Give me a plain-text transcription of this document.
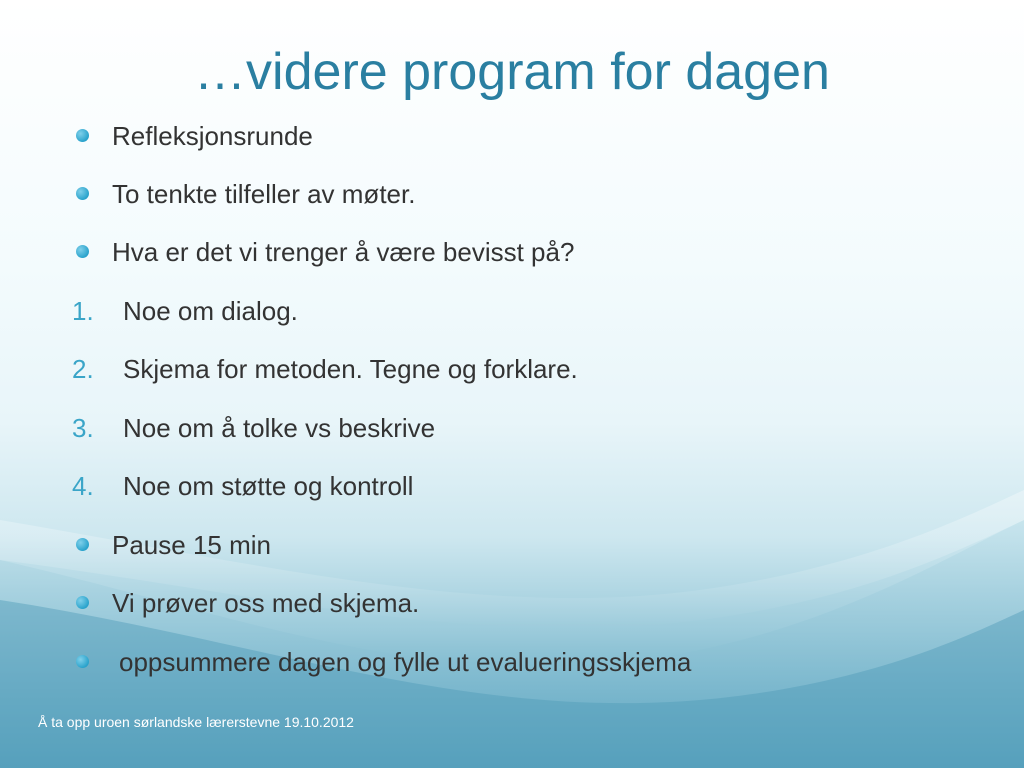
…videre program for dagen
Refleksjonsrunde
To tenkte tilfeller av møter.
Hva er det vi trenger å være bevisst på?
1. Noe om dialog.
2. Skjema for metoden. Tegne og forklare.
3. Noe om å tolke vs beskrive
4. Noe om støtte og kontroll
Pause 15 min
Vi prøver oss med skjema.
oppsummere dagen og fylle ut evalueringsskjema
Å ta opp uroen sørlandske lærerstevne 19.10.2012
